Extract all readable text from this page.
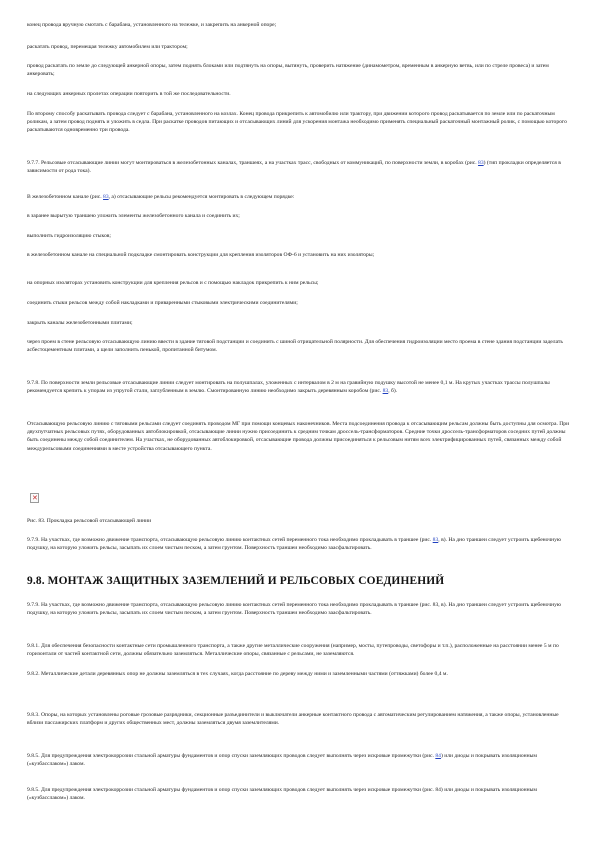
конец провода вручную смотать с барабана, установленного на тележке, и закрепить на анкерной опоре;

раскатать провод, перемещая тележку автомобилем или трактором;

провод раскатать по земле до следующей анкерной опоры, затем поднять блоками или подтянуть на опоры, вытянуть, проверить натяжение (динамометром, временным в анкерную ветвь, или по стреле провеса) и затем анкеровать;

на следующих анкерных пролетах операции повторить в той же последовательности.

По второму способу раскатывать провода следует с барабана, установленного на козлах. Конец провода прикрепить к автомобилю или трактору, при движении которого провод раскатывается по земле или по раскаточным роликам, а затем провод поднять и уложить в седла. При раскатке проводов питающих и отсасывающих линий для ускорения монтажа необходимо применять специальный раскаточный монтажный ролик, с помощью которого раскатываются одновременно три провода.

9.7.7. Рельсовые отсасывающие линии могут монтироваться в железобетонных каналах, траншеях, а на участках трасс, свободных от коммуникаций, по поверхности земли, в коробах (рис. 83) (тип прокладки определяется в зависимости от рода тока).

В железобетонном канале (рис. 83, а) отсасывающие рельсы рекомендуется монтировать в следующем порядке:

в заранее вырытую траншею уложить элементы железобетонного канала и соединить их;

выполнить гидроизоляцию стыков;

в железобетонном канале на специальной подкладке смонтировать конструкции для крепления изоляторов ОФ-6 и установить на них изоляторы;

на опорных изоляторах установить конструкции для крепления рельсов и с помощью накладок прикрепить к ним рельсы;

соединить стыки рельсов между собой накладками и приваренными стыковыми электрическими соединителями;

закрыть каналы железобетонными плитами;

через проем в стене рельсовую отсасывающую линию ввести в здание тяговой подстанции и соединить с шиной отрицательной полярности. Для обеспечения гидроизоляции место проема в стене здания подстанции заделать асбестоцементным плитами, а щели заполнить пенькой, пропитанной битумом.

9.7.8. По поверхности земли рельсовые отсасывающие линии следует монтировать на полушпалах, уложенных с интервалом в 2 м на гравийную подушку высотой не менее 0,1 м. На крутых участках трассы полушпалы рекомендуется крепить к упорам из упругой стали, заглубленным в землю. Смонтированную линию необходимо закрыть деревянным коробом (рис. 83, б).

Отсасывающую рельсовую линию с тяговыми рельсами следует соединять проводом МГ при помощи концевых наконечников. Места подсоединения провода к отсасывающим рельсам должны быть доступны для осмотра. При двухпутчатных рельсовых путях, оборудованных автоблокировкой, отсасывающие линии нужно присоединить к средним точкам дроссель-трансформаторов. Средние точки дроссель-трансформаторов соседних путей должны быть соединены между собой соединителем. На участках, не оборудованных автоблокировкой, отсасывающие провода должны присоединяться к рельсовым нитям всех электрифицированных путей, связанных между собой междурельсовыми соединениями в месте устройства отсасывающего пункта.

✕

Рис. 83. Прокладка рельсовой отсасывающей линии

9.7.9. На участках, где возможно движение транспорта, отсасывающую рельсовую линию контактных сетей переменного тока необходимо прокладывать в траншее (рис. 83, в). На дно траншеи следует устроить щебеночную подушку, на которую уложить рельсы, засыпать их слоем чистым песком, а затем грунтом. Поверхность траншеи необходимо заасфальтировать.

9.8. МОНТАЖ ЗАЩИТНЫХ ЗАЗЕМЛЕНИЙ И РЕЛЬСОВЫХ СОЕДИНЕНИЙ

9.7.9. На участках, где возможно движение транспорта, отсасывающую рельсовую линию контактных сетей переменного тока необходимо прокладывать в траншее (рис. 83, в). На дно траншеи следует устроить щебеночную подушку, на которую уложить рельсы, засыпать их слоем чистым песком, а затем грунтом. Поверхность траншеи необходимо заасфальтировать.

9.8.1. Для обеспечения безопасности контактные сети промышленного транспорта, а также другие металлические сооружения (например, мосты, путепроводы, светофоры и т.п.), расположенные на расстоянии менее 5 м по горизонтали от частей контактной сети, должны обязательно заземляться. Металлические опоры, связанные с рельсами, не заземляются.

9.8.2. Металлические детали деревянных опор не должны заземляться в тех случаях, когда расстояние по дереву между ними и заземленными частями (оттяжками) более 0,4 м.

9.8.3. Опоры, на которых установлены роговые грозовые разрядники, секционные разъединители и выключатели анкерные контактного провода с автоматическим регулированием натяжения, а также опоры, установленные вблизи пассажирских платформ и других общественных мест, должны заземляться двумя заземлителями.

9.8.5. Для предупреждения электрокоррозии стальной арматуры фундаментов и опор спуски заземляющих проводов следует выполнять через искровые промежутки (рис. 84) или диоды и покрывать изоляционным («кузбасслаком») лаком.

9.8.5. Для предупреждения электрокоррозии стальной арматуры фундаментов и опор спуски заземляющих проводов следует выполнять через искровые промежутки (рис. 84) или диоды и покрывать изоляционным («кузбасслаком») лаком.
